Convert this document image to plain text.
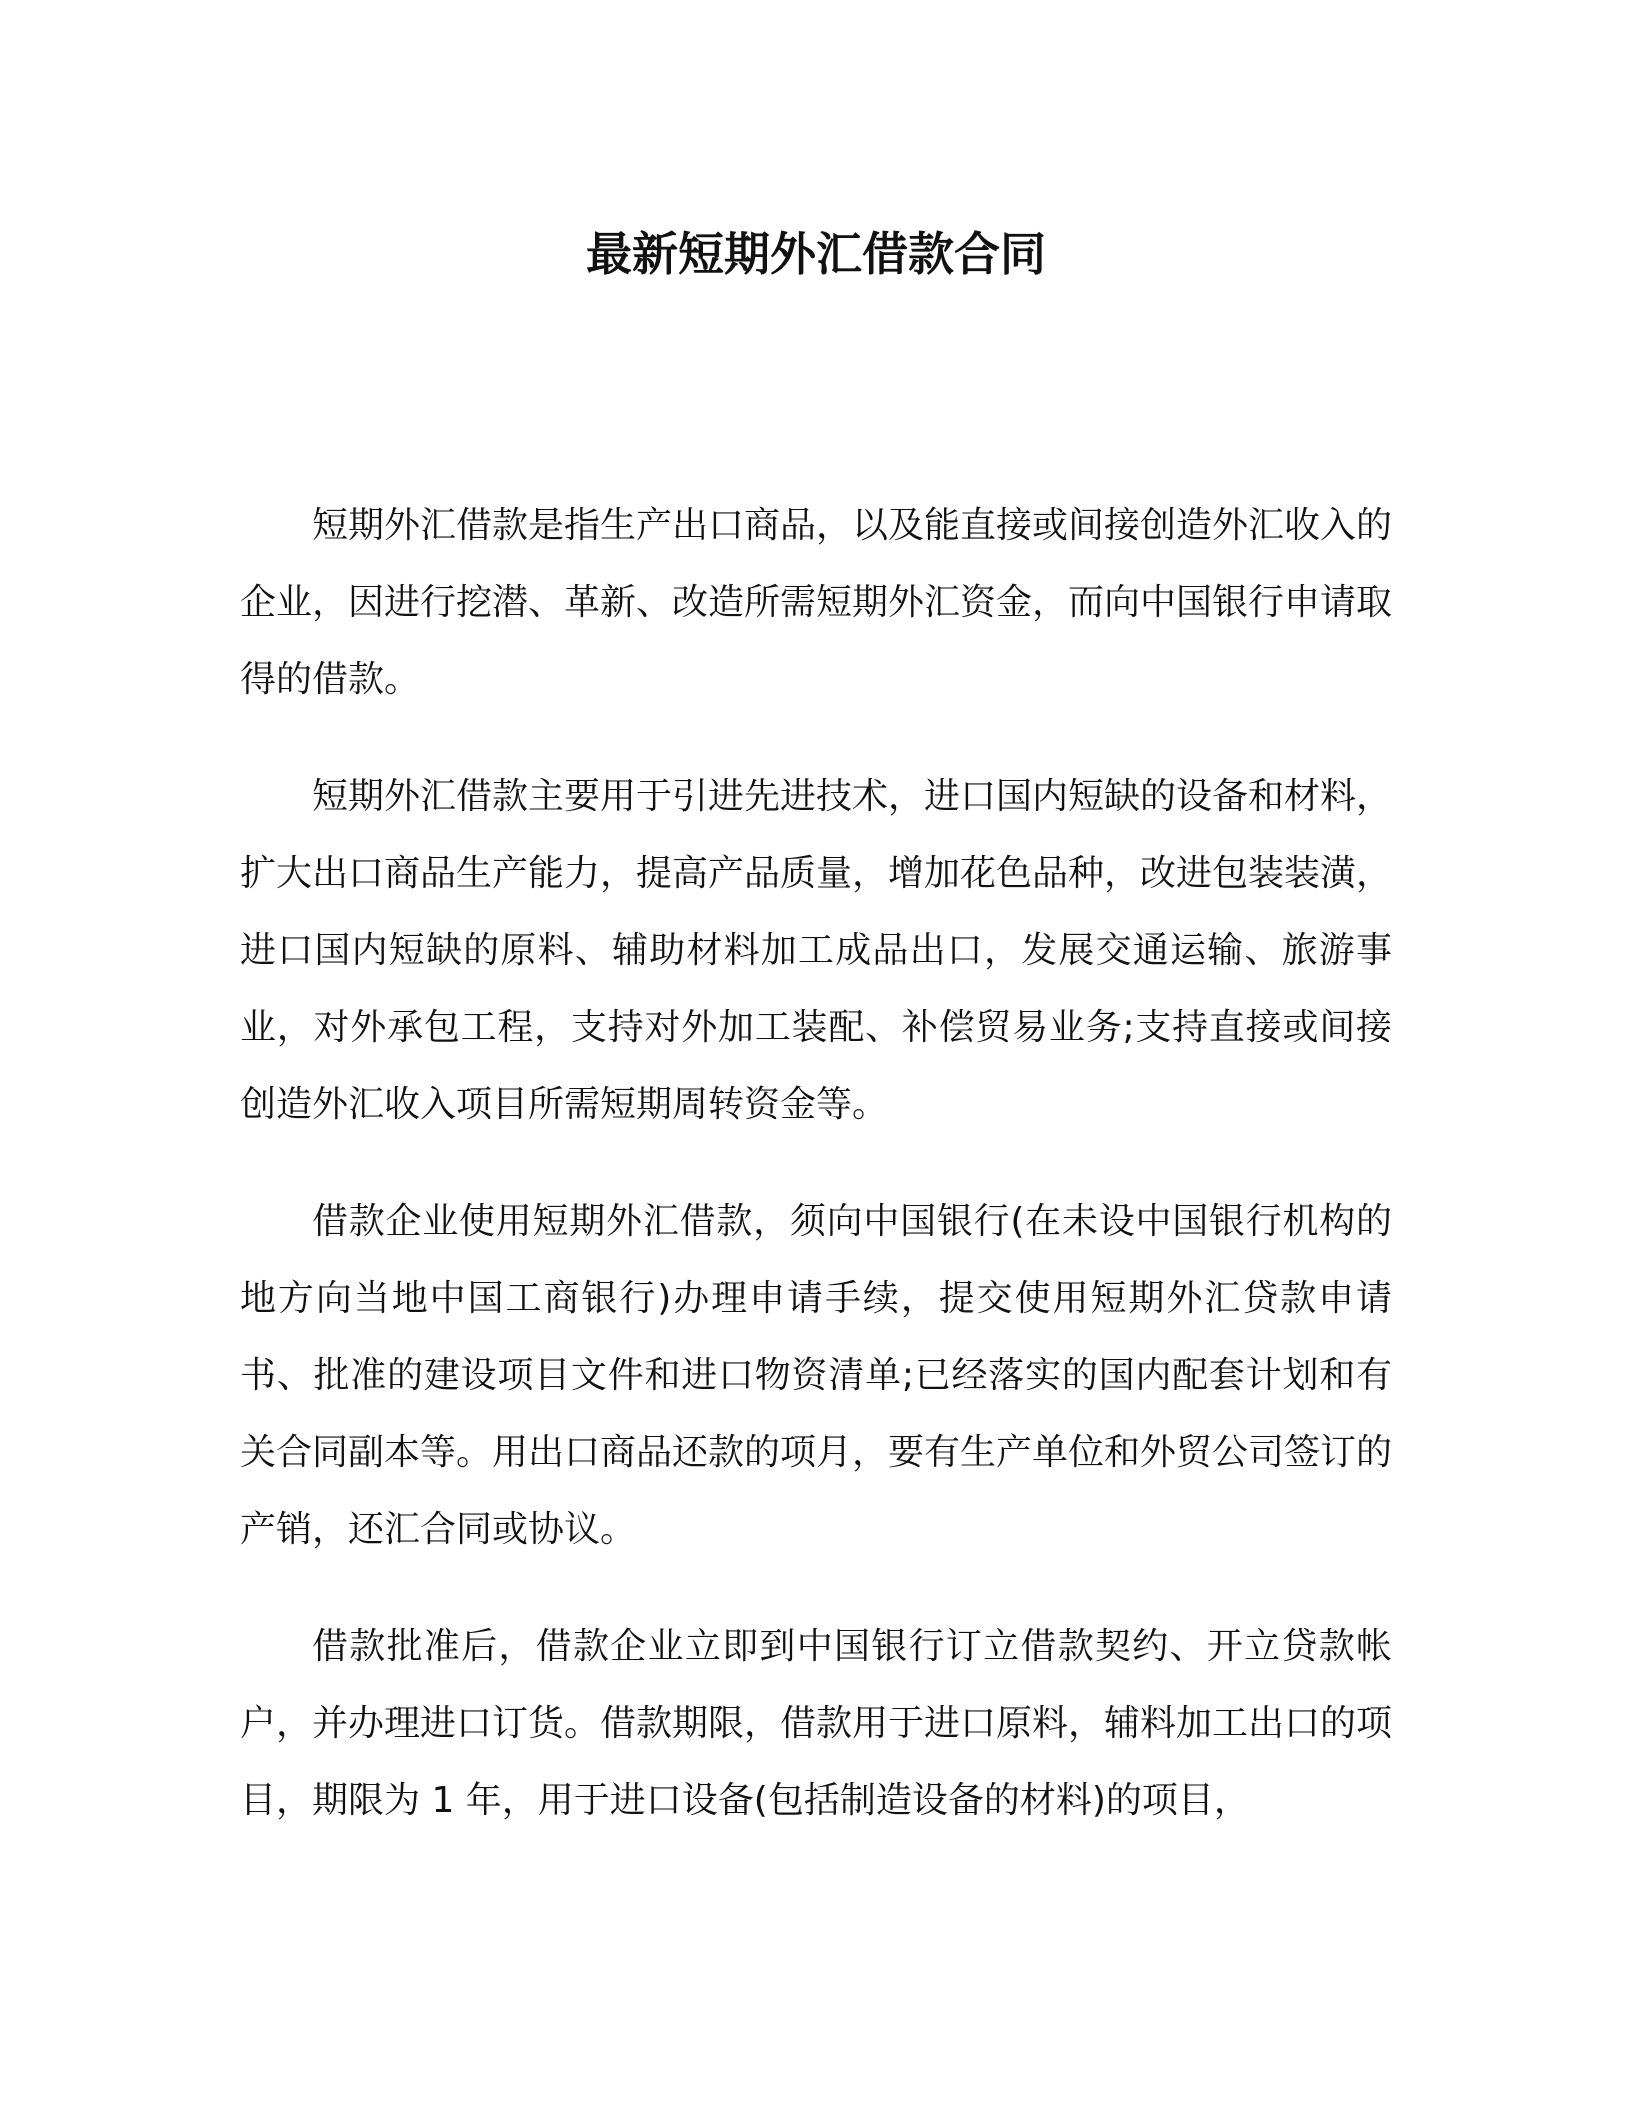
最新短期外汇借款合同

短期外汇借款是指生产出口商品，以及能直接或间接创造外汇收入的企业，因进行挖潜、革新、改造所需短期外汇资金，而向中国银行申请取得的借款。

短期外汇借款主要用于引进先进技术，进口国内短缺的设备和材料，扩大出口商品生产能力，提高产品质量，增加花色品种，改进包装装潢，进口国内短缺的原料、辅助材料加工成品出口，发展交通运输、旅游事业，对外承包工程，支持对外加工装配、补偿贸易业务;支持直接或间接创造外汇收入项目所需短期周转资金等。

借款企业使用短期外汇借款，须向中国银行(在未设中国银行机构的地方向当地中国工商银行)办理申请手续，提交使用短期外汇贷款申请书、批准的建设项目文件和进口物资清单;已经落实的国内配套计划和有关合同副本等。用出口商品还款的项月，要有生产单位和外贸公司签订的产销，还汇合同或协议。

借款批准后，借款企业立即到中国银行订立借款契约、开立贷款帐户，并办理进口订货。借款期限，借款用于进口原料，辅料加工出口的项目，期限为 1 年，用于进口设备(包括制造设备的材料)的项目，
